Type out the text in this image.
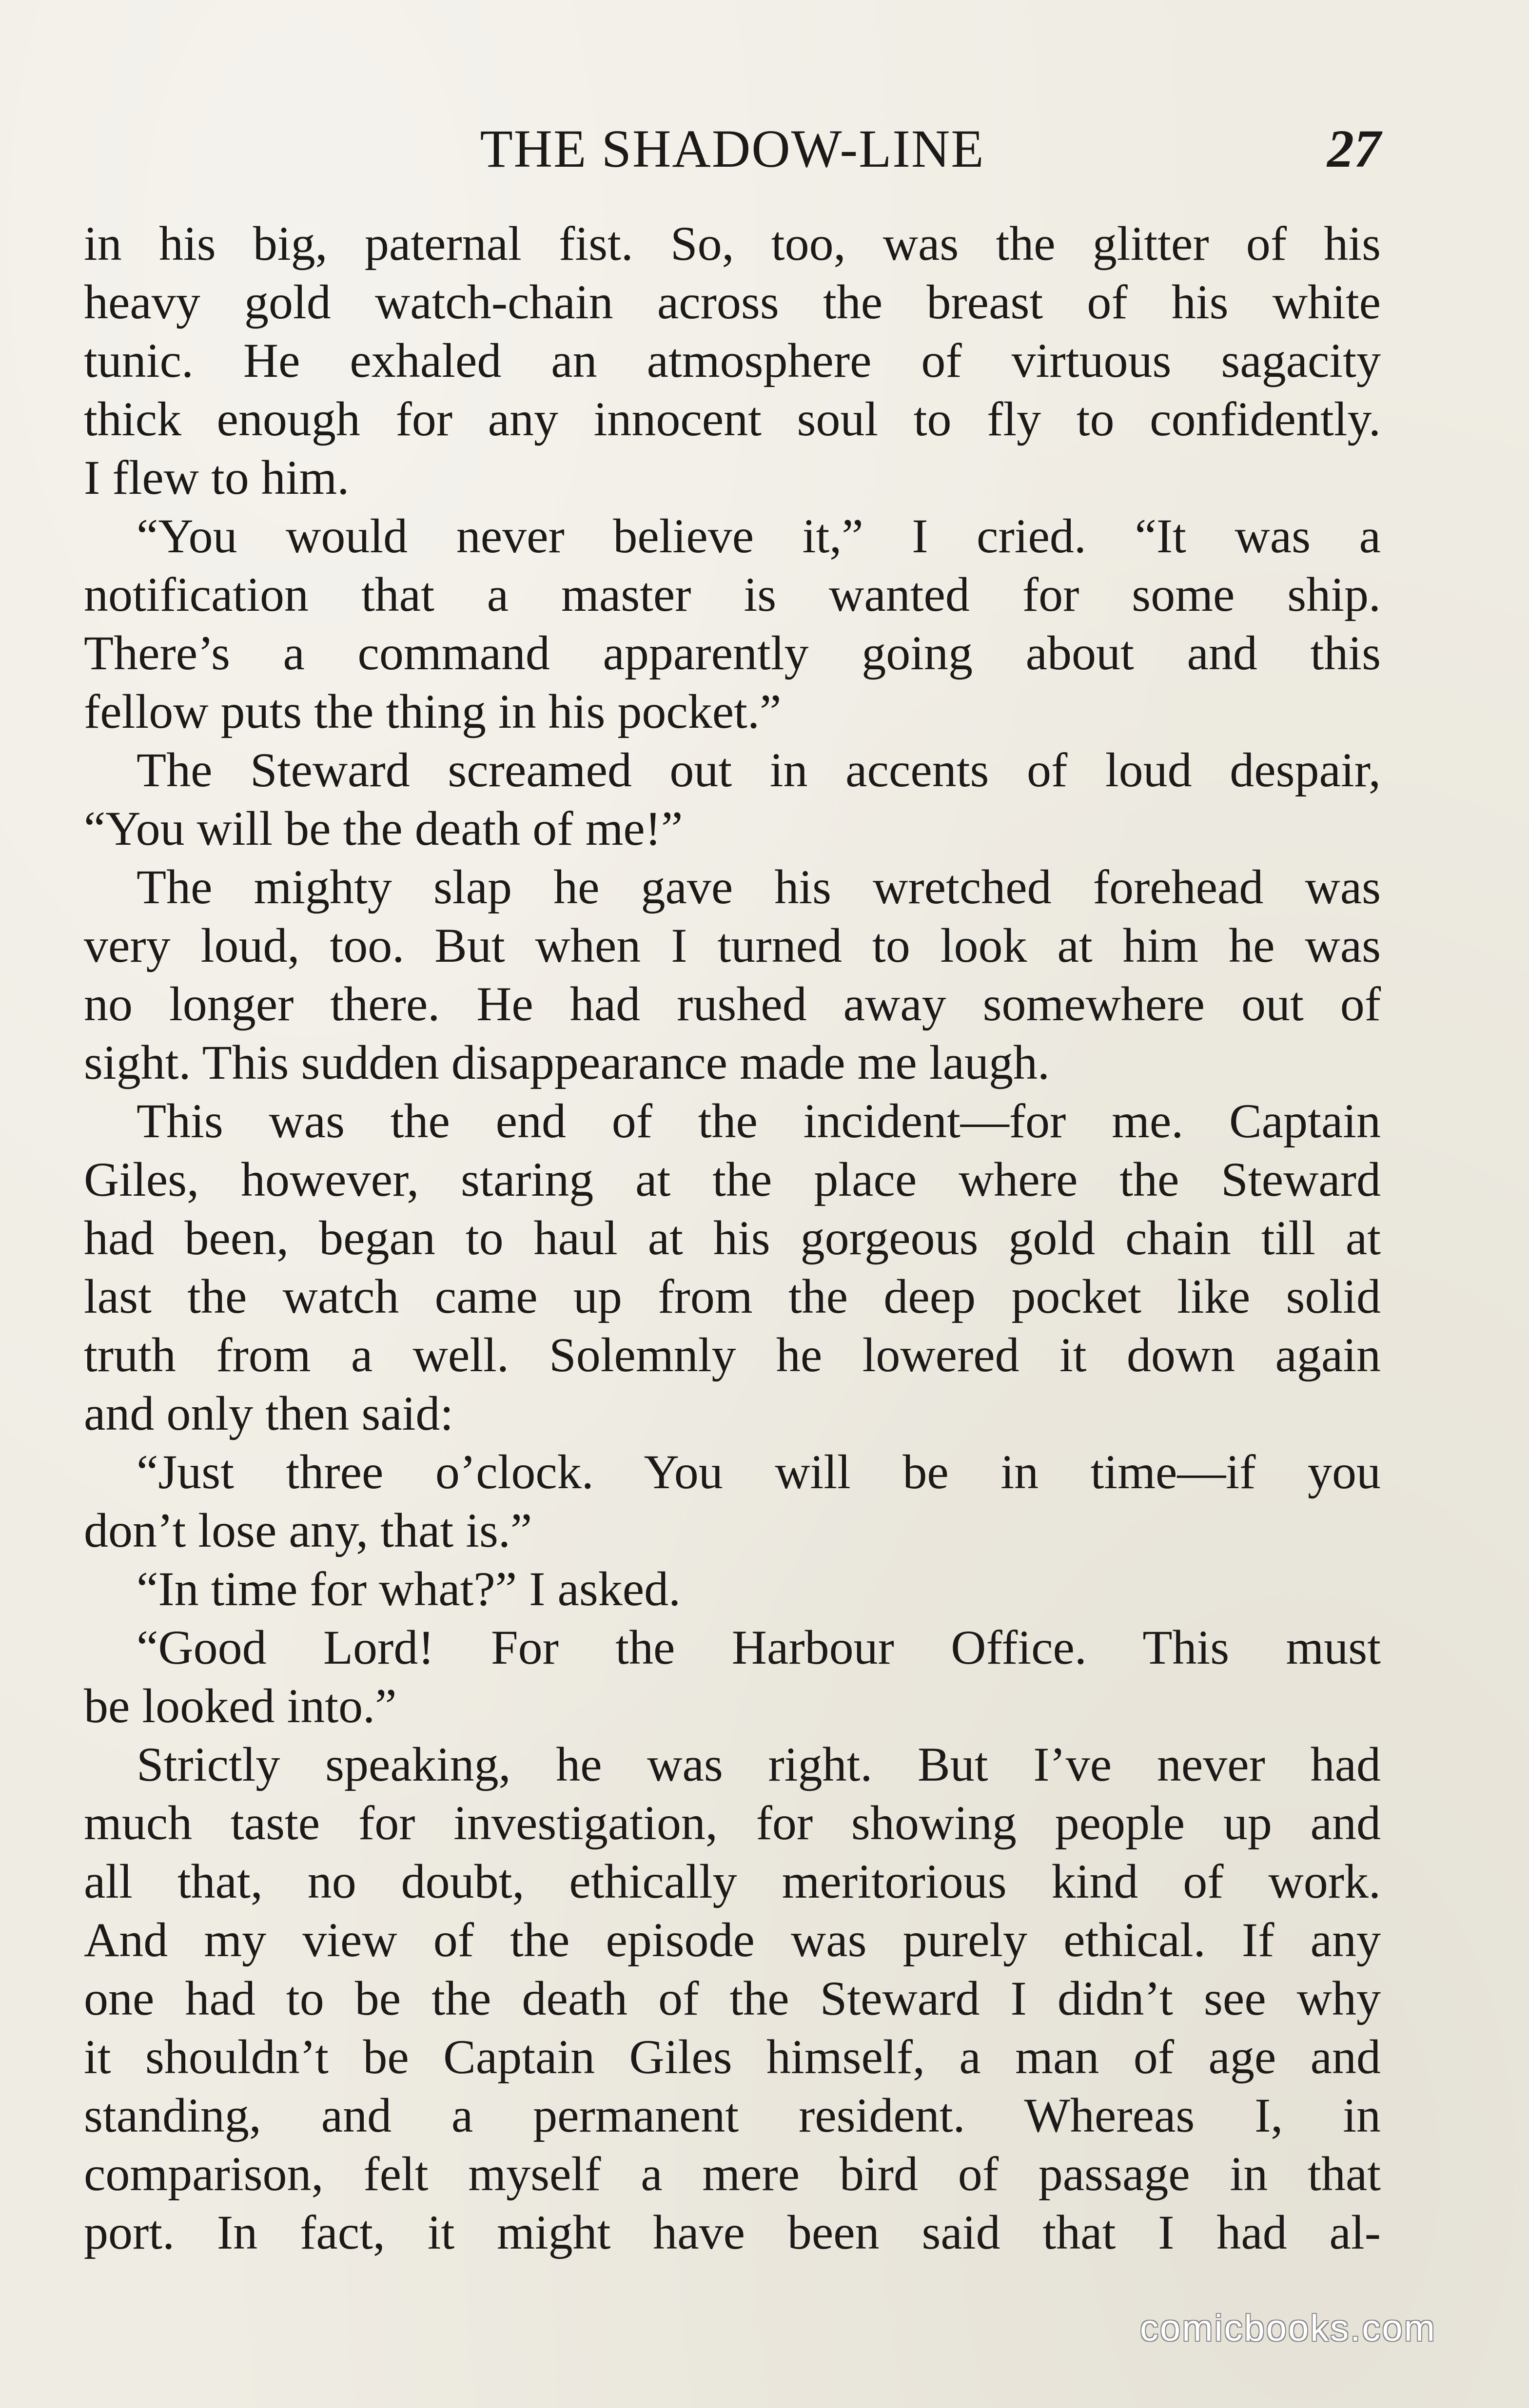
THE SHADOW-LINE	27
in his big, paternal fist. So, too, was the glitter of his
heavy gold watch-chain across the breast of his white
tunic. He exhaled an atmosphere of virtuous sagacity
thick enough for any innocent soul to fly to confidently.
I flew to him.
“You would never believe it,” I cried. “It was a
notification that a master is wanted for some ship.
There’s a command apparently going about and this
fellow puts the thing in his pocket.”
The Steward screamed out in accents of loud despair,
“You will be the death of me!”
The mighty slap he gave his wretched forehead was
very loud, too. But when I turned to look at him he was
no longer there. He had rushed away somewhere out of
sight. This sudden disappearance made me laugh.
This was the end of the incident—for me. Captain
Giles, however, staring at the place where the Steward
had been, began to haul at his gorgeous gold chain till at
last the watch came up from the deep pocket like solid
truth from a well. Solemnly he lowered it down again
and only then said:
“Just three o’clock. You will be in time—if you
don’t lose any, that is.”
“In time for what?” I asked.
“Good Lord! For the Harbour Office. This must
be looked into.”
Strictly speaking, he was right. But I’ve never had
much taste for investigation, for showing people up and
all that, no doubt, ethically meritorious kind of work.
And my view of the episode was purely ethical. If any
one had to be the death of the Steward I didn’t see why
it shouldn’t be Captain Giles himself, a man of age and
standing, and a permanent resident. Whereas I, in
comparison, felt myself a mere bird of passage in that
port. In fact, it might have been said that I had al-
comicbooks.com
